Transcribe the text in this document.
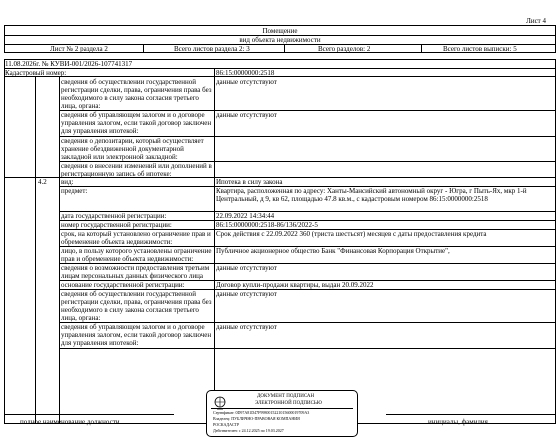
Лист 4
Помещение
вид объекта недвижимости
Лист № 2 раздела 2	Всего листов раздела 2: 3	Всего разделов: 2	Всего листов выписки: 5
11.08.2026г. № КУВИ-001/2026-107741317
Кадастровый номер:	86:15:0000000:2518
сведения об осуществлении государственной регистрации сделки, права, ограничения права без необходимого в силу закона согласия третьего лица, органа:
данные отсутствуют
сведения об управляющем залогом и о договоре управления залогом, если такой договор заключен для управления ипотекой:
данные отсутствуют
сведения о депозитарии, который осуществляет хранение обездвиженной документарной закладной или электронной закладной:
сведения о внесении изменений или дополнений в регистрационную запись об ипотеке:
4.2 вид:	Ипотека в силу закона
предмет:	Квартира, расположенная по адресу: Ханты-Мансийский автономный округ - Югра, г Пыть-Ях, мкр 1-й Центральный, д 9, кв 62, площадью 47.8 кв.м., с кадастровым номером 86:15:0000000:2518
дата государственной регистрации:	22.09.2022 14:34:44
номер государственной регистрации:	86:15:0000000:2518-86/136/2022-5
срок, на который установлено ограничение прав и обременение объекта недвижимости:
Срок действия с 22.09.2022 360 (триста шестьсят) месяцев с даты предоставления кредита
лицо, в пользу которого установлены ограничение прав и обременение объекта недвижимости:
Публичное акционерное общество Банк "Финансовая Корпорация Открытие",
сведения о возможности предоставления третьим лицам персональных данных физического лица
данные отсутствуют
основание государственной регистрации:	Договор купли-продажи квартиры, выдан 20.09.2022
сведения об осуществлении государственной регистрации сделки, права, ограничения права без необходимого в силу закона согласия третьего лица, органа:
данные отсутствуют
сведения об управляющем залогом и о договоре управления залогом, если такой договор заключен для управления ипотекой:
данные отсутствуют
полное наименование должности	инициалы, фамилия
ДОКУМЕНТ ПОДПИСАН
ЭЛЕКТРОННОЙ ПОДПИСЬЮ
Сертификат: 0D97A81D47F9980015221015600019709A3
Владелец: ПУБЛИЧНО-ПРАВОВАЯ КОМПАНИЯ
РОСКАДАСТР
Действителен: с 24.12.2025 по 19.03.2027
